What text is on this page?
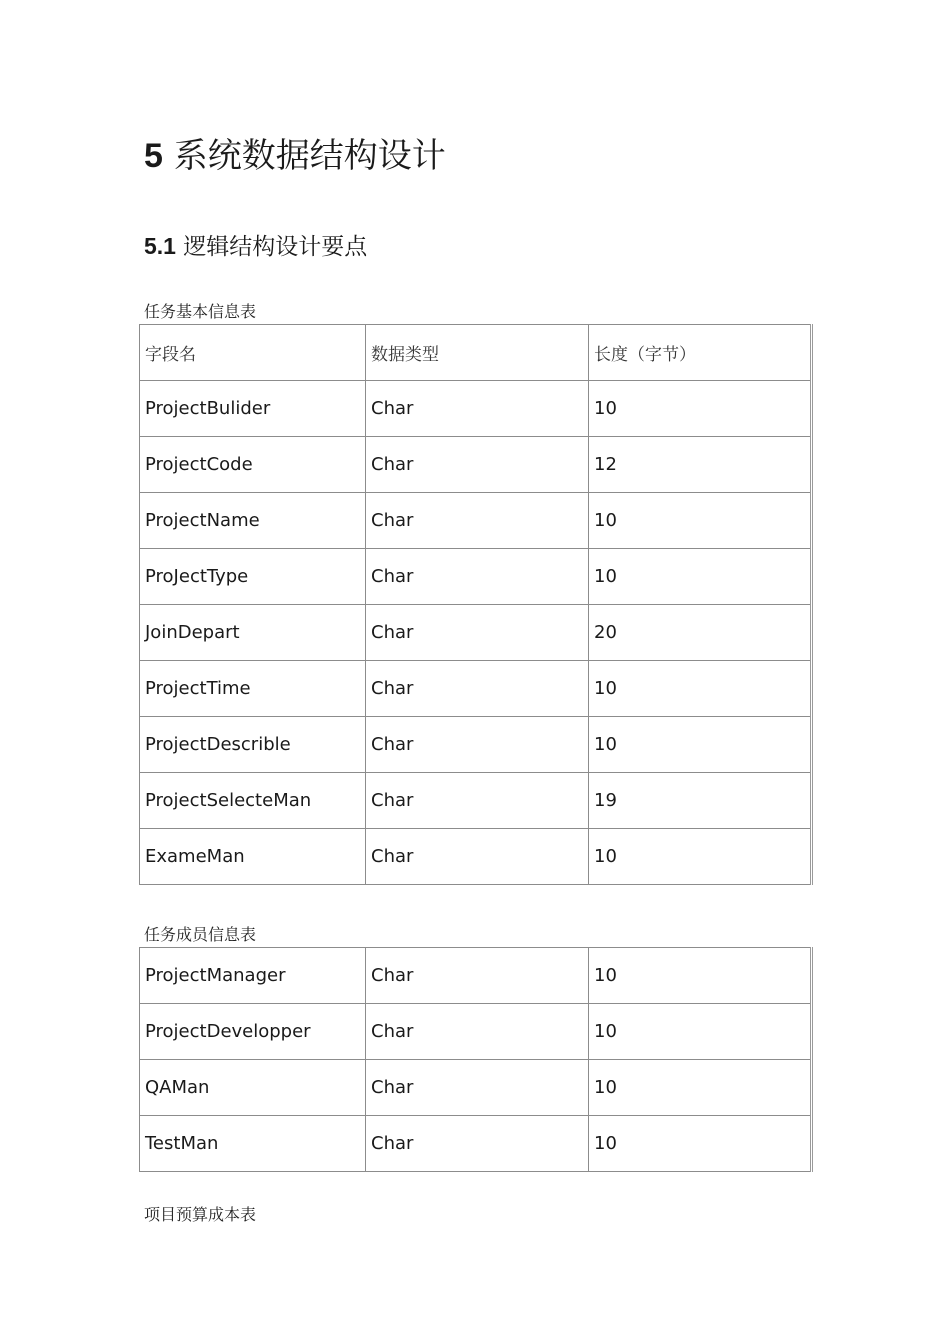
5 系统数据结构设计
5.1 逻辑结构设计要点
任务基本信息表
字段名	数据类型	长度（字节）
ProjectBulider	Char	10
ProjectCode	Char	12
ProjectName	Char	10
ProJectType	Char	10
JoinDepart	Char	20
ProjectTime	Char	10
ProjectDescrible	Char	10
ProjectSelecteMan	Char	19
ExameMan	Char	10
任务成员信息表
ProjectManager	Char	10
ProjectDevelopper	Char	10
QAMan	Char	10
TestMan	Char	10
项目预算成本表
